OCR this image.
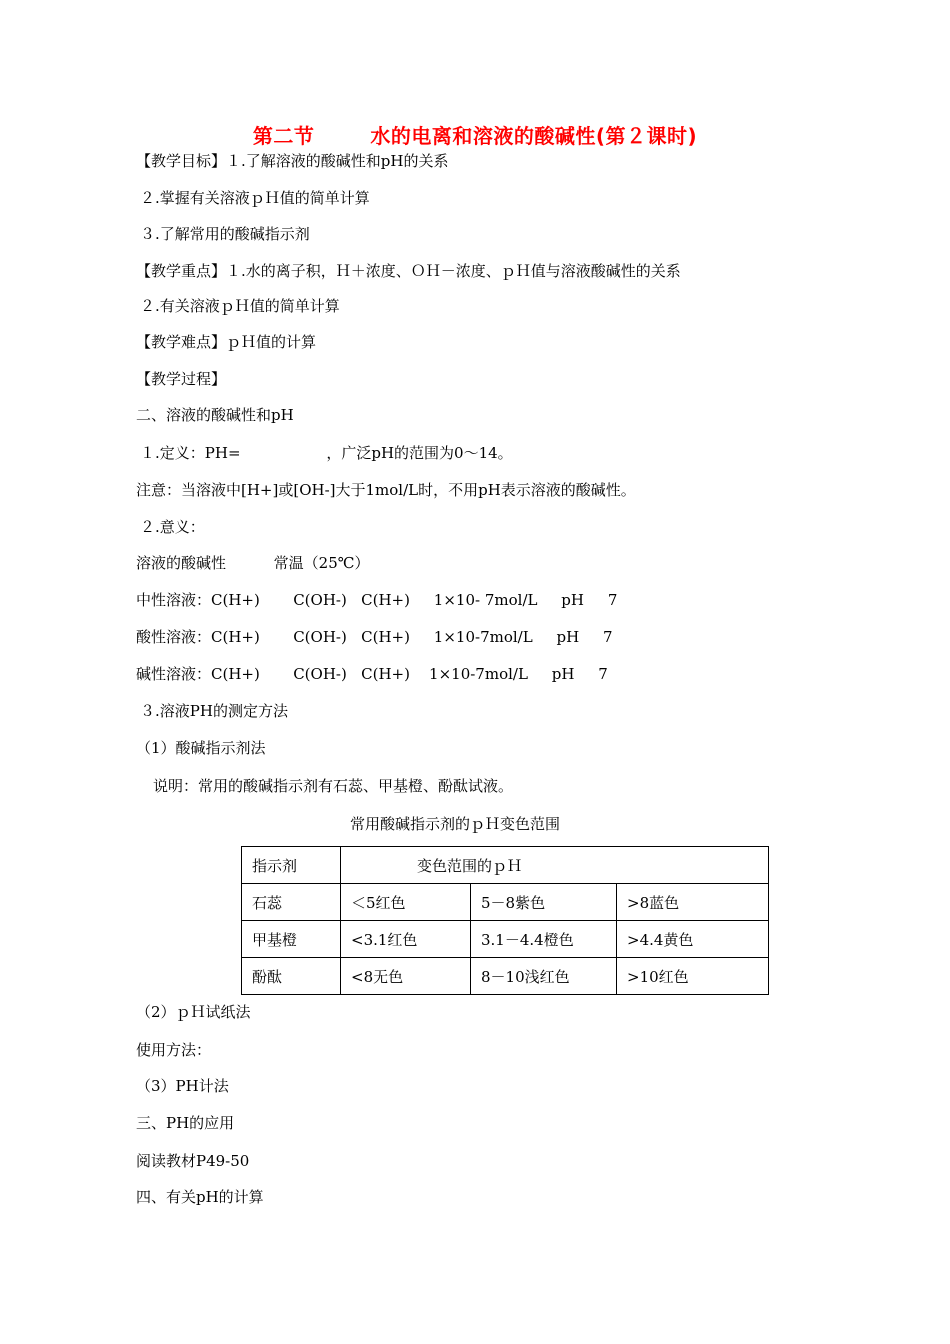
第二节	水的电离和溶液的酸碱性(第２课时)
【教学目标】１.了解溶液的酸碱性和pH的关系
２.掌握有关溶液ｐＨ值的简单计算
３.了解常用的酸碱指示剂
【教学重点】１.水的离子积，Ｈ＋浓度、ＯＨ－浓度、ｐＨ值与溶液酸碱性的关系
２.有关溶液ｐＨ值的简单计算
【教学难点】ｐＨ值的计算
【教学过程】
二、溶液的酸碱性和pH
１.定义：PH=                  ，广泛pH的范围为0～14。
注意：当溶液中[H+]或[OH-]大于1mol/L时，不用pH表示溶液的酸碱性。
２.意义：
溶液的酸碱性          常温（25℃）
中性溶液：C(H+)       C(OH-)   C(H+)     1×10- 7mol/L     pH     7
酸性溶液：C(H+)       C(OH-)   C(H+)     1×10-7mol/L     pH     7
碱性溶液：C(H+)       C(OH-)   C(H+)    1×10-7mol/L     pH     7
３.溶液PH的测定方法
（1）酸碱指示剂法
说明：常用的酸碱指示剂有石蕊、甲基橙、酚酞试液。
常用酸碱指示剂的ｐＨ变色范围
指示剂	变色范围的ｐＨ		
石蕊	＜5红色	5－8紫色	>8蓝色
甲基橙	<3.1红色	3.1－4.4橙色	>4.4黄色
酚酞	<8无色	8－10浅红色	>10红色
（2）ｐＨ试纸法
使用方法：
（3）PH计法
三、PH的应用
阅读教材P49-50
四、有关pH的计算
